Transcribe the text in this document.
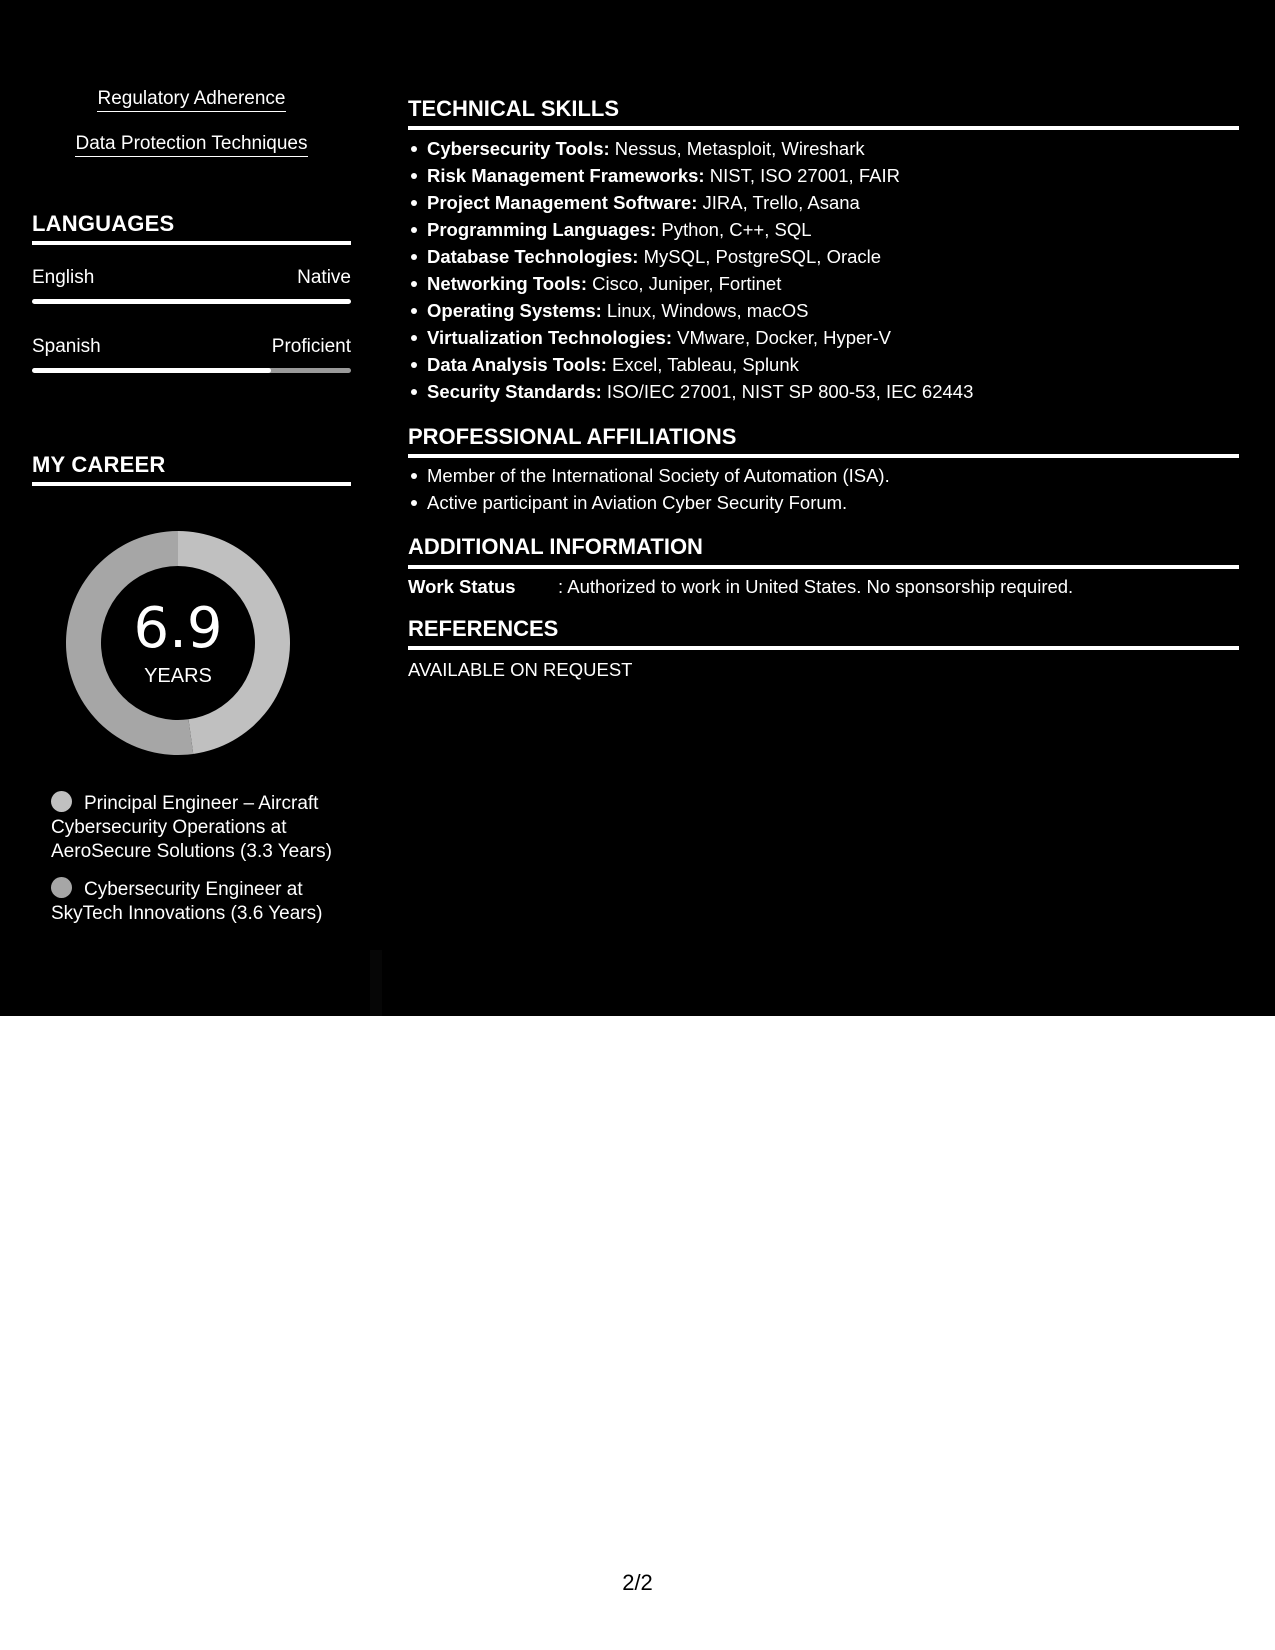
Regulatory Adherence
Data Protection Techniques
LANGUAGES
English	Native
Spanish	Proficient
MY CAREER
6.9
YEARS
Principal Engineer – Aircraft Cybersecurity Operations at AeroSecure Solutions (3.3 Years)
Cybersecurity Engineer at SkyTech Innovations (3.6 Years)
TECHNICAL SKILLS
Cybersecurity Tools: Nessus, Metasploit, Wireshark
Risk Management Frameworks: NIST, ISO 27001, FAIR
Project Management Software: JIRA, Trello, Asana
Programming Languages: Python, C++, SQL
Database Technologies: MySQL, PostgreSQL, Oracle
Networking Tools: Cisco, Juniper, Fortinet
Operating Systems: Linux, Windows, macOS
Virtualization Technologies: VMware, Docker, Hyper-V
Data Analysis Tools: Excel, Tableau, Splunk
Security Standards: ISO/IEC 27001, NIST SP 800-53, IEC 62443
PROFESSIONAL AFFILIATIONS
Member of the International Society of Automation (ISA).
Active participant in Aviation Cyber Security Forum.
ADDITIONAL INFORMATION
Work Status : Authorized to work in United States. No sponsorship required.
REFERENCES
AVAILABLE ON REQUEST
2/2
